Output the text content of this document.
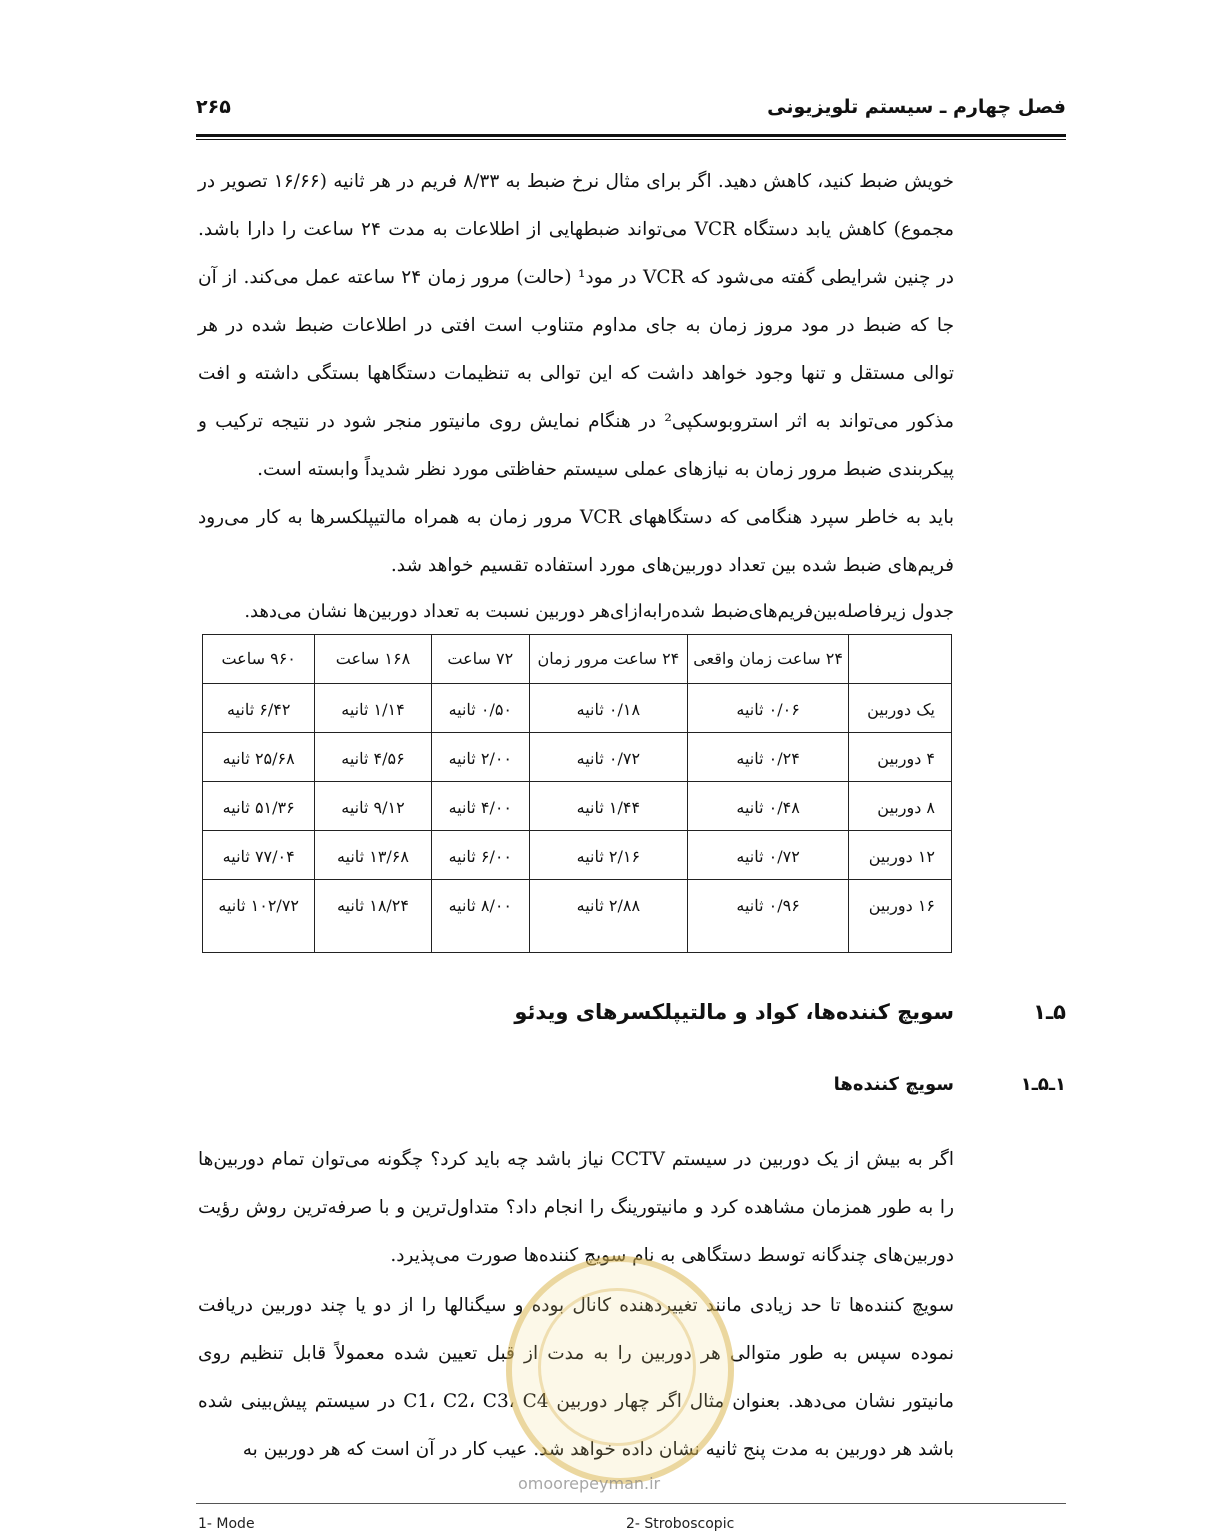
فصل چهارم ـ سیستم تلویزیونی
۲۶۵
خویش ضبط کنید، کاهش دهید. اگر برای مثال نرخ ضبط به ۸/۳۳ فریم در هر ثانیه (۱۶/۶۶ تصویر در مجموع) کاهش یابد دستگاه VCR می‌تواند ضبطهایی از اطلاعات به مدت ۲۴ ساعت را دارا باشد. در چنین شرایطی گفته می‌شود که VCR در مود¹ (حالت) مرور زمان ۲۴ ساعته عمل می‌کند. از آن جا که ضبط در مود مروز زمان به جای مداوم متناوب است افتی در اطلاعات ضبط شده در هر توالی مستقل و تنها وجود خواهد داشت که این توالی به تنظیمات دستگاهها بستگی داشته و افت مذکور می‌تواند به اثر استروبوسکپی² در هنگام نمایش روی مانیتور منجر شود در نتیجه ترکیب و پیکربندی ضبط مرور زمان به نیازهای عملی سیستم حفاظتی مورد نظر شدیداً وابسته است.
باید به خاطر سپرد هنگامی که دستگاههای VCR مرور زمان به همراه مالتیپلکسرها به کار می‌رود فریم‌های ضبط شده بین تعداد دوربین‌های مورد استفاده تقسیم خواهد شد.
جدول زیرفاصله‌بین‌فریم‌های‌ضبط شده‌رابه‌ازای‌هر دوربین نسبت به تعداد دوربین‌ها نشان می‌دهد.
	۲۴ ساعت زمان واقعی	۲۴ ساعت مرور زمان	۷۲ ساعت	۱۶۸ ساعت	۹۶۰ ساعت
یک دوربین	۰/۰۶ ثانیه	۰/۱۸ ثانیه	۰/۵۰ ثانیه	۱/۱۴ ثانیه	۶/۴۲ ثانیه
۴ دوربین	۰/۲۴ ثانیه	۰/۷۲ ثانیه	۲/۰۰ ثانیه	۴/۵۶ ثانیه	۲۵/۶۸ ثانیه
۸ دوربین	۰/۴۸ ثانیه	۱/۴۴ ثانیه	۴/۰۰ ثانیه	۹/۱۲ ثانیه	۵۱/۳۶ ثانیه
۱۲ دوربین	۰/۷۲ ثانیه	۲/۱۶ ثانیه	۶/۰۰ ثانیه	۱۳/۶۸ ثانیه	۷۷/۰۴ ثانیه
۱۶ دوربین	۰/۹۶ ثانیه	۲/۸۸ ثانیه	۸/۰۰ ثانیه	۱۸/۲۴ ثانیه	۱۰۲/۷۲ ثانیه
۵ـ۱
سویچ کننده‌ها، کواد و مالتیپلکسرهای ویدئو
۱ـ۵ـ۱
سویچ کننده‌ها
اگر به بیش از یک دوربین در سیستم CCTV نیاز باشد چه باید کرد؟ چگونه می‌توان تمام دوربین‌ها را به طور همزمان مشاهده کرد و مانیتورینگ را انجام داد؟ متداول‌ترین و با صرفه‌ترین روش رؤیت دوربین‌های چندگانه توسط دستگاهی به نام سویچ کننده‌ها صورت می‌پذیرد.
سویچ کننده‌ها تا حد زیادی مانند تغییردهنده کانال بوده و سیگنالها را از دو یا چند دوربین دریافت نموده سپس به طور متوالی هر دوربین را به مدت از قبل تعیین شده معمولاً قابل تنظیم روی مانیتور نشان می‌دهد. بعنوان مثال اگر چهار دوربین C1، C2، C3، C4 در سیستم پیش‌بینی شده باشد هر دوربین به مدت پنج ثانیه نشان داده خواهد شد. عیب کار در آن است که هر دوربین به
omoorepeyman.ir
1- Mode	2- Stroboscopic
